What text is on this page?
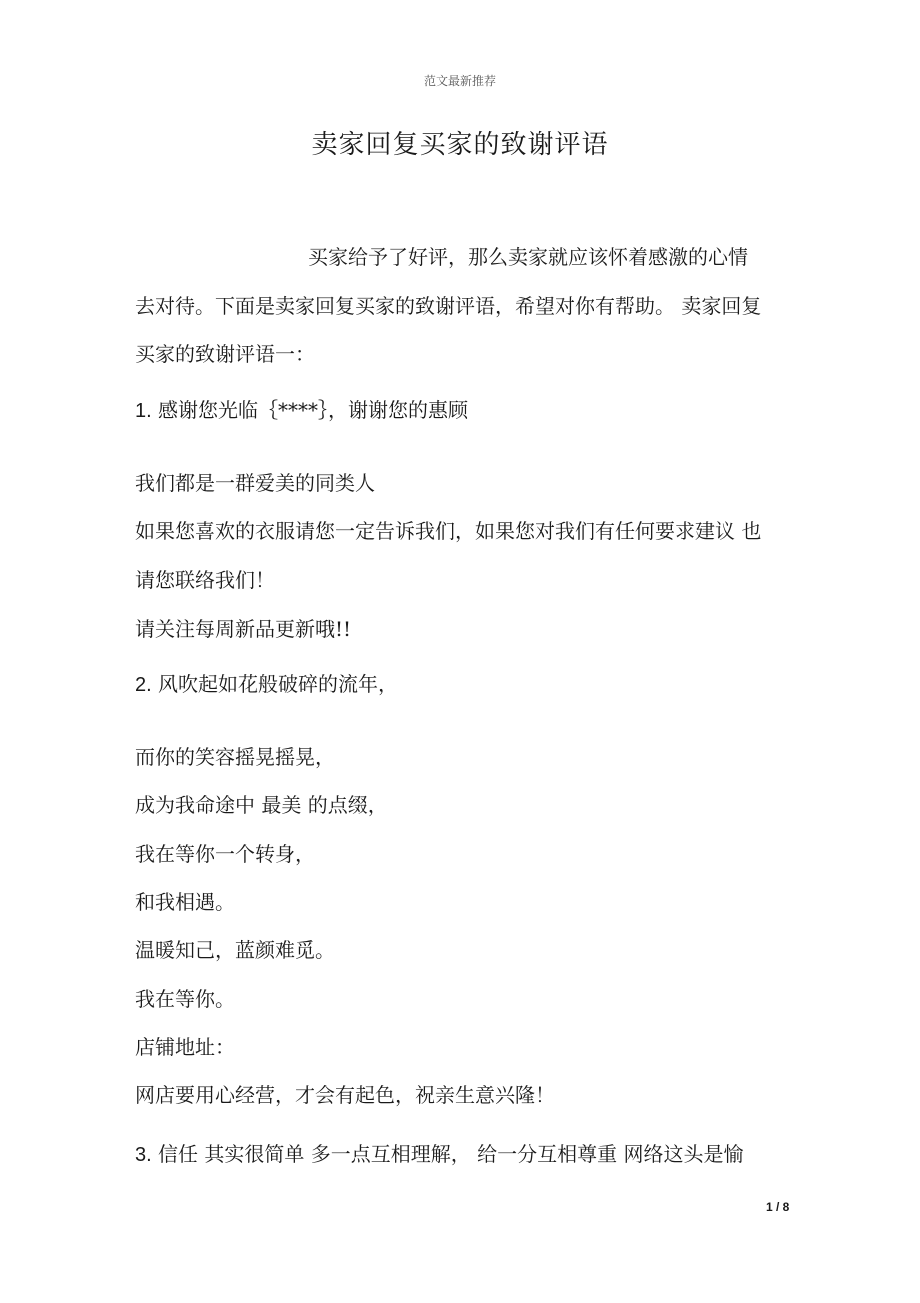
范文最新推荐
卖家回复买家的致谢评语
买家给予了好评，那么卖家就应该怀着感激的心情
去对待。下面是卖家回复买家的致谢评语，希望对你有帮助。 卖家回复
买家的致谢评语一：
1. 感谢您光临｛****｝，谢谢您的惠顾
我们都是一群爱美的同类人
如果您喜欢的衣服请您一定告诉我们，如果您对我们有任何要求建议 也
请您联络我们！
请关注每周新品更新哦!!
2. 风吹起如花般破碎的流年，
而你的笑容摇晃摇晃，
成为我命途中 最美 的点缀，
我在等你一个转身，
和我相遇。
温暖知己，蓝颜难觅。
我在等你。
店铺地址：
网店要用心经营，才会有起色，祝亲生意兴隆！
3. 信任 其实很简单 多一点互相理解， 给一分互相尊重 网络这头是愉
1 / 8
